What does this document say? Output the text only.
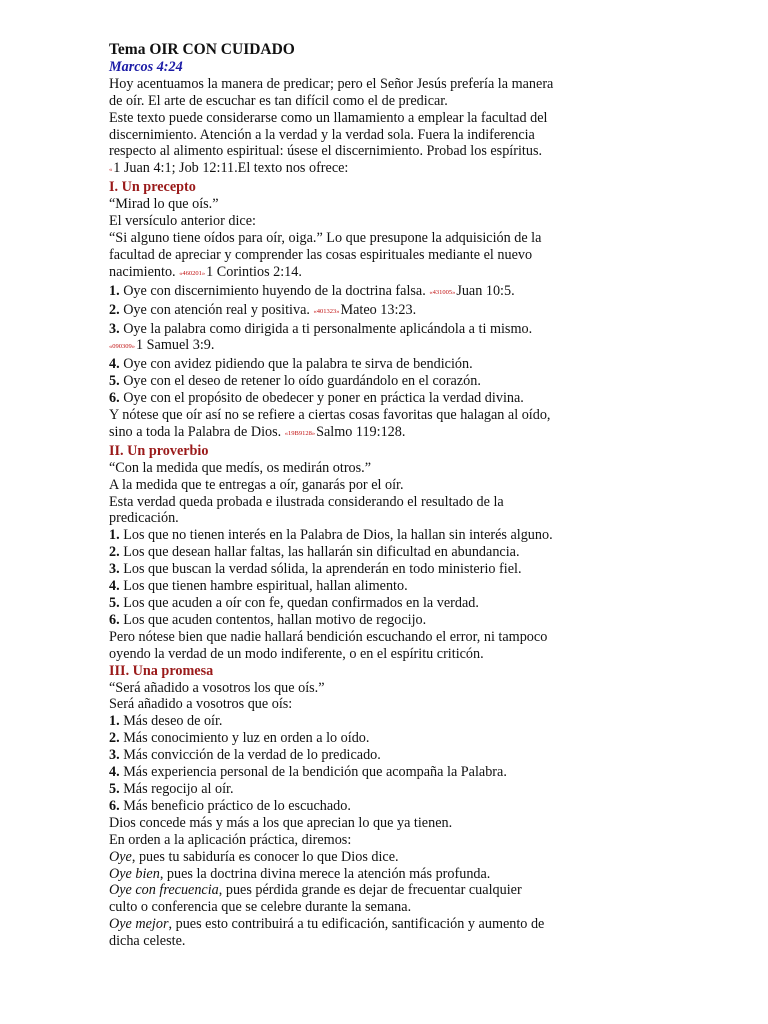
Tema OIR CON CUIDADO
Marcos 4:24
Hoy acentuamos la manera de predicar; pero el Señor Jesús prefería la manera
de oír. El arte de escuchar es tan difícil como el de predicar.
Este texto puede considerarse como un llamamiento a emplear la facultad del
discernimiento. Atención a la verdad y la verdad sola. Fuera la indiferencia
respecto al alimento espiritual: úsese el discernimiento. Probad los espíritus.
«1 Juan 4:1; Job 12:11.El texto nos ofrece:
I. Un precepto
“Mirad lo que oís.”
El versículo anterior dice:
“Si alguno tiene oídos para oír, oiga.” Lo que presupone la adquisición de la
facultad de apreciar y comprender las cosas espirituales mediante el nuevo
nacimiento. «460201»1 Corintios 2:14.
1. Oye con discernimiento huyendo de la doctrina falsa. «431005»Juan 10:5.
2. Oye con atención real y positiva. «401323»Mateo 13:23.
3. Oye la palabra como dirigida a ti personalmente aplicándola a ti mismo.
«090309»1 Samuel 3:9.
4. Oye con avidez pidiendo que la palabra te sirva de bendición.
5. Oye con el deseo de retener lo oído guardándolo en el corazón.
6. Oye con el propósito de obedecer y poner en práctica la verdad divina.
Y nótese que oír así no se refiere a ciertas cosas favoritas que halagan al oído,
sino a toda la Palabra de Dios. «19B9128»Salmo 119:128.
II. Un proverbio
“Con la medida que medís, os medirán otros.”
A la medida que te entregas a oír, ganarás por el oír.
Esta verdad queda probada e ilustrada considerando el resultado de la
predicación.
1. Los que no tienen interés en la Palabra de Dios, la hallan sin interés alguno.
2. Los que desean hallar faltas, las hallarán sin dificultad en abundancia.
3. Los que buscan la verdad sólida, la aprenderán en todo ministerio fiel.
4. Los que tienen hambre espiritual, hallan alimento.
5. Los que acuden a oír con fe, quedan confirmados en la verdad.
6. Los que acuden contentos, hallan motivo de regocijo.
Pero nótese bien que nadie hallará bendición escuchando el error, ni tampoco
oyendo la verdad de un modo indiferente, o en el espíritu criticón.
III. Una promesa
“Será añadido a vosotros los que oís.”
Será añadido a vosotros que oís:
1. Más deseo de oír.
2. Más conocimiento y luz en orden a lo oído.
3. Más convicción de la verdad de lo predicado.
4. Más experiencia personal de la bendición que acompaña la Palabra.
5. Más regocijo al oír.
6. Más beneficio práctico de lo escuchado.
Dios concede más y más a los que aprecian lo que ya tienen.
En orden a la aplicación práctica, diremos:
Oye, pues tu sabiduría es conocer lo que Dios dice.
Oye bien, pues la doctrina divina merece la atención más profunda.
Oye con frecuencia, pues pérdida grande es dejar de frecuentar cualquier
culto o conferencia que se celebre durante la semana.
Oye mejor, pues esto contribuirá a tu edificación, santificación y aumento de
dicha celeste.
